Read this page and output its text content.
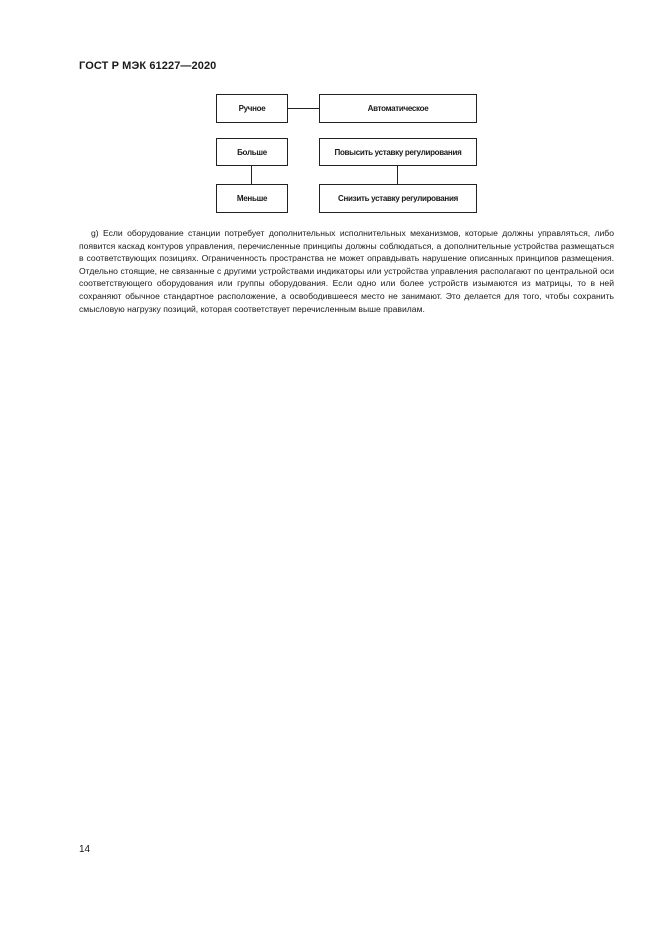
ГОСТ Р МЭК 61227—2020
Ручное	Автоматическое
Больше
Меньше
Повысить уставку регулирования
Снизить уставку регулирования

g) Если оборудование станции потребует дополнительных исполнительных механизмов, которые должны управляться, либо появится каскад контуров управления, перечисленные принципы должны соблюдаться, а дополнительные устройства размещаться в соответствующих позициях. Ограниченность пространства не может оправдывать нарушение описанных принципов размещения. Отдельно стоящие, не связанные с другими устройствами индикаторы или устройства управления располагают по центральной оси соответствующего оборудования или группы оборудования. Если одно или более устройств изымаются из матрицы, то в ней сохраняют обычное стандартное расположение, а освободившееся место не занимают. Это делается для того, чтобы сохранить смысловую нагрузку позиций, которая соответствует перечисленным выше правилам.

14
